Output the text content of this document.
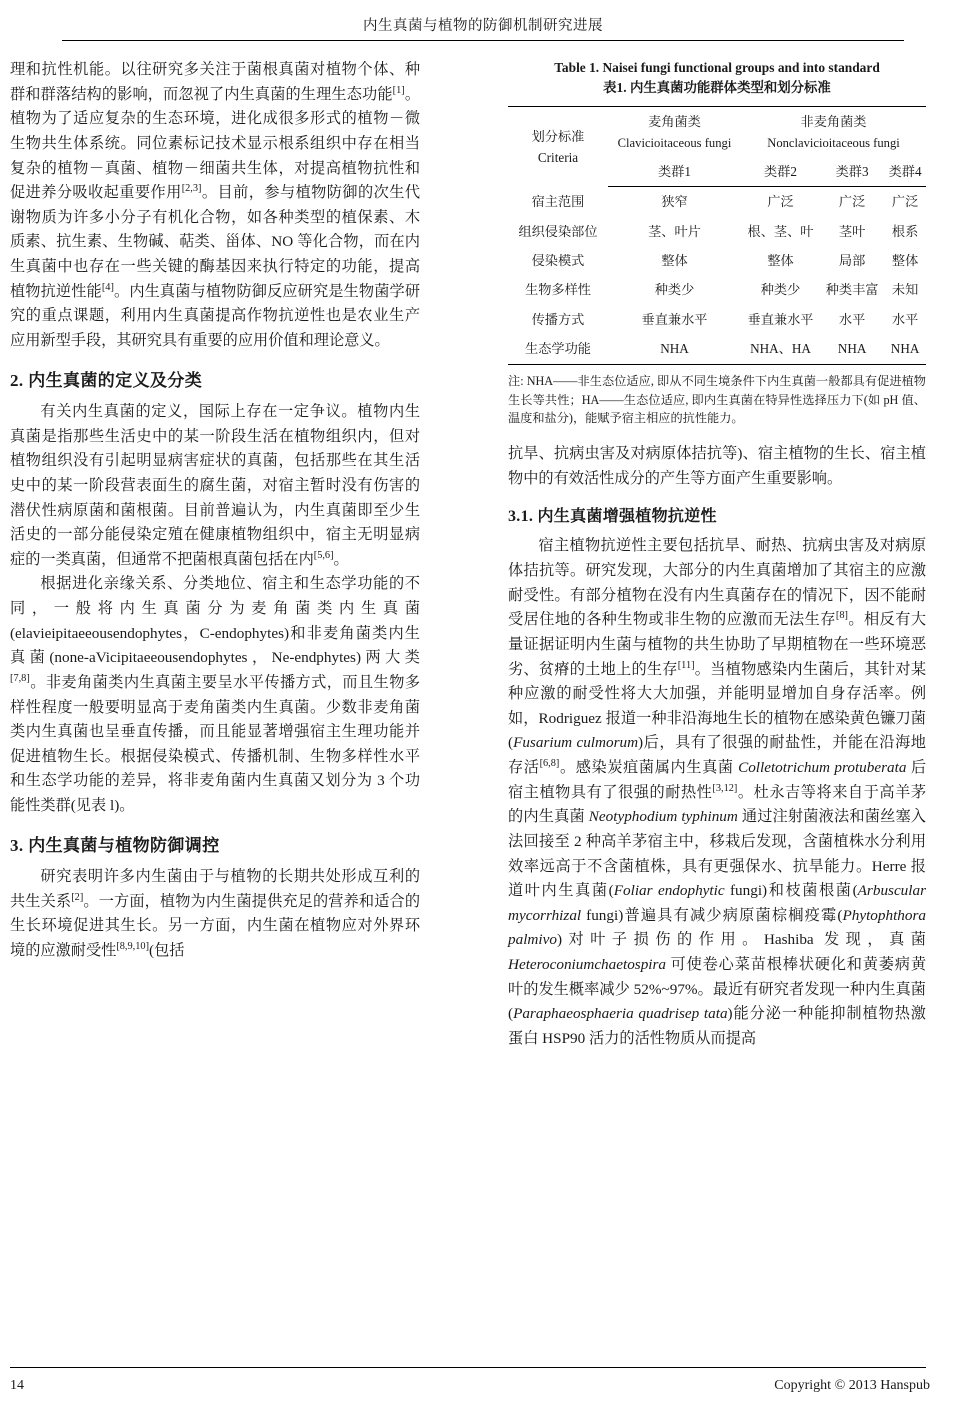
内生真菌与植物的防御机制研究进展

理和抗性机能。以往研究多关注于菌根真菌对植物个体、种群和群落结构的影响，而忽视了内生真菌的生理生态功能[1]。植物为了适应复杂的生态环境，进化成很多形式的植物－微生物共生体系统。同位素标记技术显示根系组织中存在相当复杂的植物－真菌、植物－细菌共生体，对提高植物抗性和促进养分吸收起重要作用[2,3]。目前，参与植物防御的次生代谢物质为许多小分子有机化合物，如各种类型的植保素、木质素、抗生素、生物碱、萜类、甾体、NO 等化合物，而在内生真菌中也存在一些关键的酶基因来执行特定的功能，提高植物抗逆性能[4]。内生真菌与植物防御反应研究是生物菌学研究的重点课题，利用内生真菌提高作物抗逆性也是农业生产应用新型手段，其研究具有重要的应用价值和理论意义。

2. 内生真菌的定义及分类

有关内生真菌的定义，国际上存在一定争议。植物内生真菌是指那些生活史中的某一阶段生活在植物组织内，但对植物组织没有引起明显病害症状的真菌，包括那些在其生活史中的某一阶段营表面生的腐生菌，对宿主暂时没有伤害的潜伏性病原菌和菌根菌。目前普遍认为，内生真菌即至少生活史的一部分能侵染定殖在健康植物组织中，宿主无明显病症的一类真菌，但通常不把菌根真菌包括在内[5,6]。

根据进化亲缘关系、分类地位、宿主和生态学功能的不同，一般将内生真菌分为麦角菌类内生真菌(elavieipitaeeousendophytes，C-endophytes)和非麦角菌类内生真菌(none-aVicipitaeeousendophytes，Ne-endphytes)两大类[7,8]。非麦角菌类内生真菌主要呈水平传播方式，而且生物多样性程度一般要明显高于麦角菌类内生真菌。少数非麦角菌类内生真菌也呈垂直传播，而且能显著增强宿主生理功能并促进植物生长。根据侵染模式、传播机制、生物多样性水平和生态学功能的差异，将非麦角菌内生真菌又划分为 3 个功能性类群(见表 l)。

3. 内生真菌与植物防御调控

研究表明许多内生菌由于与植物的长期共处形成互利的共生关系[2]。一方面，植物为内生菌提供充足的营养和适合的生长环境促进其生长。另一方面，内生菌在植物应对外界环境的应激耐受性[8,9,10](包括

Table 1. Naisei fungi functional groups and into standard
表1. 内生真菌功能群体类型和划分标准
划分标准
Criteria

麦角菌类
Clavicioitaceous fungi

非麦角菌类
Nonclavicioitaceous fungi

	类群1	类群2	类群3	类群4
宿主范围	狭窄	广泛	广泛	广泛
组织侵染部位	茎、叶片	根、茎、叶	茎叶	根系
侵染模式	整体	整体	局部	整体
生物多样性	种类少	种类少	种类丰富	未知
传播方式	垂直兼水平	垂直兼水平	水平	水平
生态学功能	NHA	NHA、HA	NHA	NHA

注: NHA——非生态位适应, 即从不同生境条件下内生真菌一般都具有促进植物生长等共性；HA——生态位适应, 即内生真菌在特异性选择压力下(如 pH 值、温度和盐分)，能赋予宿主相应的抗性能力。

抗旱、抗病虫害及对病原体拮抗等)、宿主植物的生长、宿主植物中的有效活性成分的产生等方面产生重要影响。

3.1. 内生真菌增强植物抗逆性

宿主植物抗逆性主要包括抗旱、耐热、抗病虫害及对病原体拮抗等。研究发现，大部分的内生真菌增加了其宿主的应激耐受性。有部分植物在没有内生真菌存在的情况下，因不能耐受居住地的各种生物或非生物的应激而无法生存[8]。相反有大量证据证明内生菌与植物的共生协助了早期植物在一些环境恶劣、贫瘠的土地上的生存[11]。当植物感染内生菌后，其针对某种应激的耐受性将大大加强，并能明显增加自身存活率。例如，Rodriguez 报道一种非沿海地生长的植物在感染黄色镰刀菌(Fusarium culmorum)后，具有了很强的耐盐性，并能在沿海地存活[6,8]。感染炭疽菌属内生真菌 Colletotrichum protuberata 后宿主植物具有了很强的耐热性[3,12]。杜永吉等将来自于高羊茅的内生真菌 Neotyphodium typhinum 通过注射菌液法和菌丝塞入法回接至 2 种高羊茅宿主中，移栽后发现，含菌植株水分利用效率远高于不含菌植株，具有更强保水、抗旱能力。Herre 报道叶内生真菌(Foliar endophytic fungi)和枝菌根菌(Arbuscular mycorrhizal fungi)普遍具有减少病原菌棕榈疫霉(Phytophthora palmivo)对叶子损伤的作用。Hashiba 发现，真菌 Heteroconiumchaetospira 可使卷心菜苗根棒状硬化和黄萎病黄叶的发生概率减少 52%~97%。最近有研究者发现一种内生真菌(Paraphaeosphaeria quadrisep tata)能分泌一种能抑制植物热激蛋白 HSP90 活力的活性物质从而提高

14	Copyright © 2013 Hanspub
